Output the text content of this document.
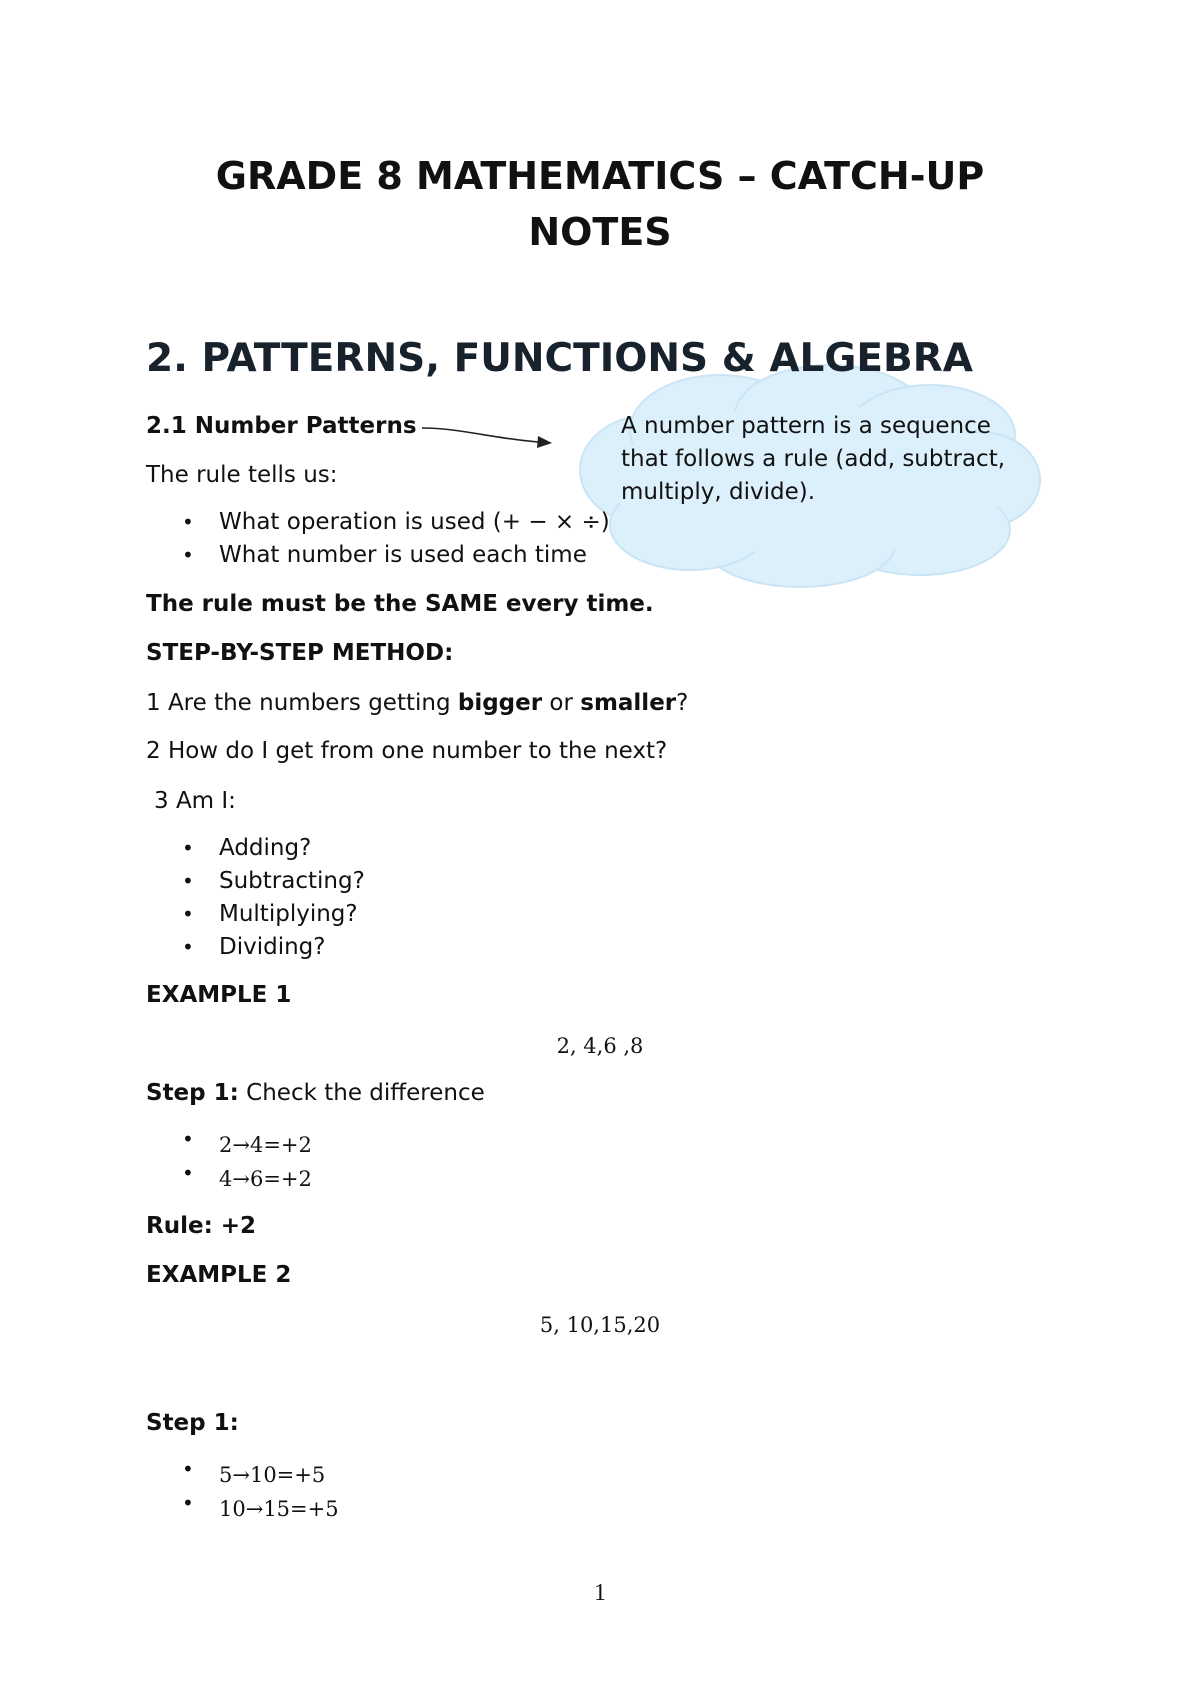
GRADE 8 MATHEMATICS – CATCH-UP
NOTES

A number pattern is a sequence that follows a rule (add, subtract, multiply, divide).

2. PATTERNS, FUNCTIONS & ALGEBRA

2.1 Number Patterns

The rule tells us:

• What operation is used (+ − × ÷)
• What number is used each time

The rule must be the SAME every time.

STEP-BY-STEP METHOD:

1 Are the numbers getting bigger or smaller?

2 How do I get from one number to the next?

3 Am I:

• Adding?
• Subtracting?
• Multiplying?
• Dividing?

EXAMPLE 1

2, 4,6 ,8

Step 1: Check the difference

• 2→4=+2
• 4→6=+2

Rule: +2

EXAMPLE 2

5, 10,15,20

Step 1:

• 5→10=+5
• 10→15=+5

1
